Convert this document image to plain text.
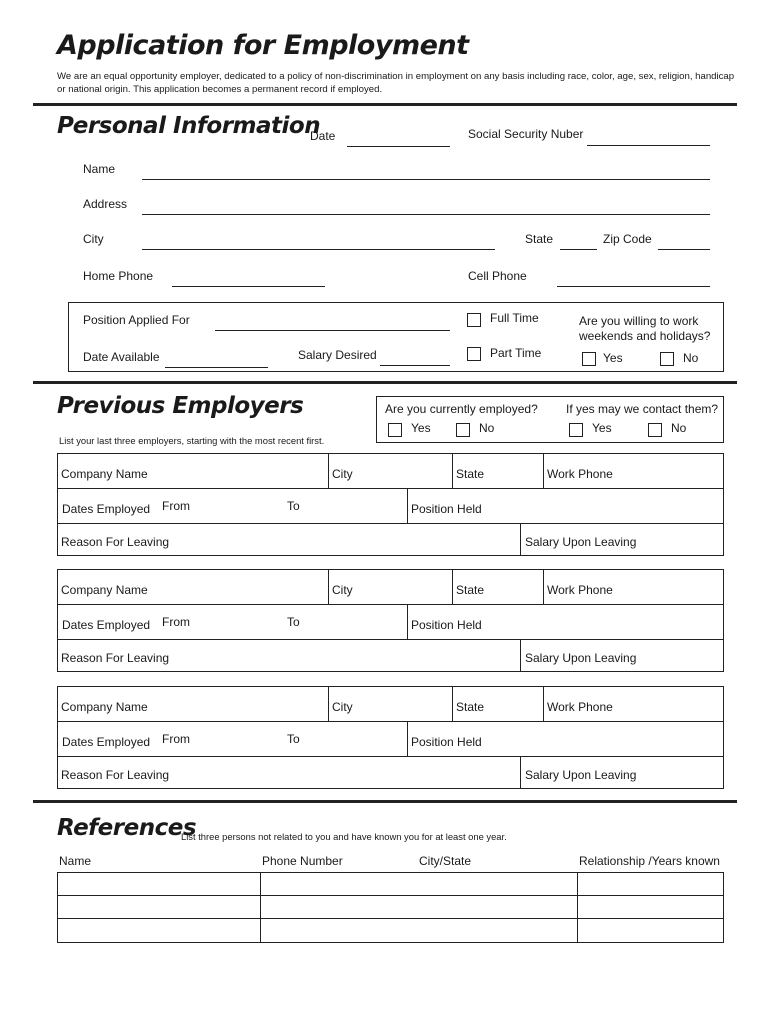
Application for Employment
We are an equal opportunity employer, dedicated to a policy of non-discrimination in employment on any basis including race, color, age, sex, religion, handicap or national origin. This application becomes a permanent record if employed.
Personal Information
Date	Social Security Nuber
Name
Address
City	State	Zip Code
Home Phone	Cell Phone
Position Applied For
Date Available	Salary Desired
Full Time
Part Time
Are you willing to work weekends and holidays?
Yes	No
Previous Employers
List your last three employers, starting with the most recent first.
Are you currently employed? If yes may we contact them?
Yes	No	Yes	No
Company Name	City	State	Work Phone
Dates Employed From	To	Position Held
Reason For Leaving	Salary Upon Leaving
Company Name	City	State	Work Phone
Dates Employed From	To	Position Held
Reason For Leaving	Salary Upon Leaving
Company Name	City	State	Work Phone
Dates Employed From	To	Position Held
Reason For Leaving	Salary Upon Leaving
References
List three persons not related to you and have known you for at least one year.
Name	Phone Number	City/State	Relationship /Years known
